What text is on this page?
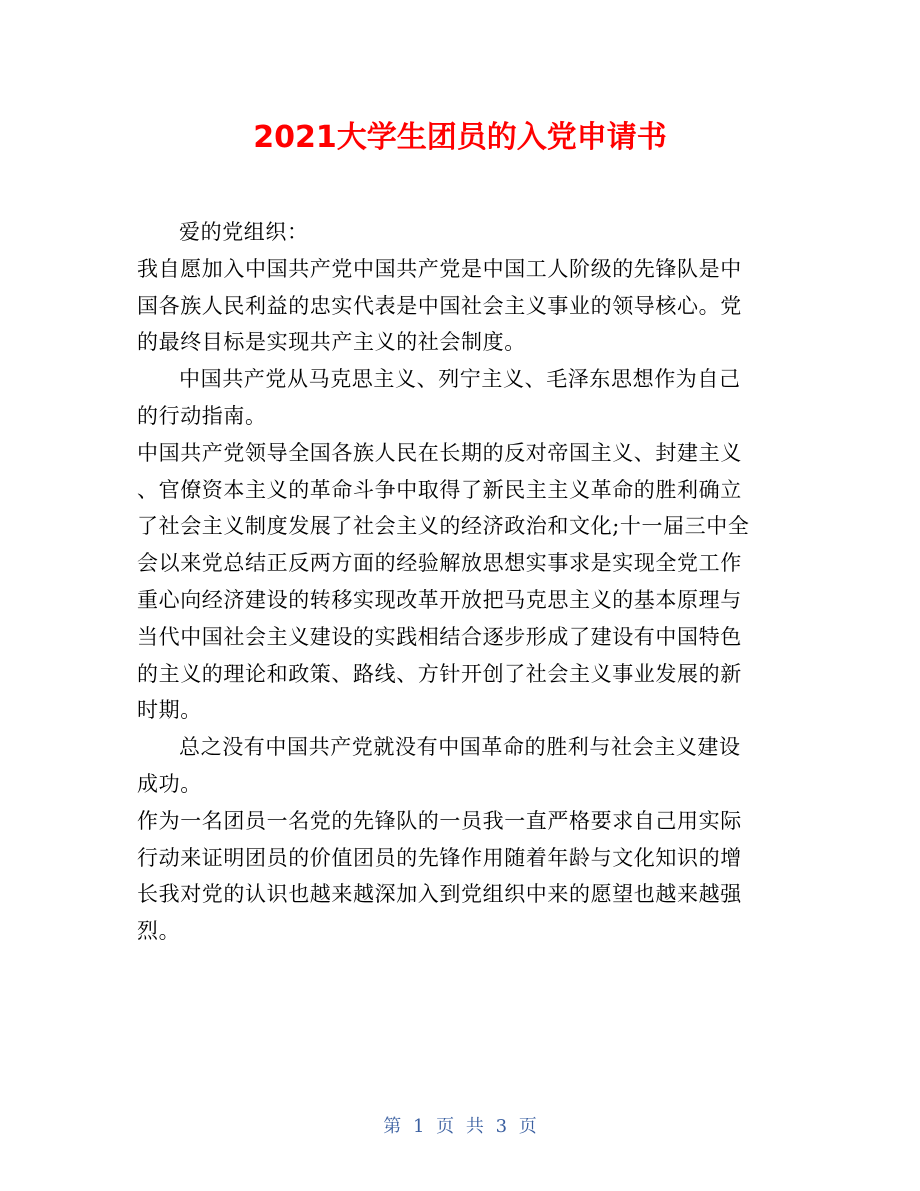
2021大学生团员的入党申请书
爱的党组织：
我自愿加入中国共产党中国共产党是中国工人阶级的先锋队是中
国各族人民利益的忠实代表是中国社会主义事业的领导核心。党
的最终目标是实现共产主义的社会制度。
中国共产党从马克思主义、列宁主义、毛泽东思想作为自己
的行动指南。
中国共产党领导全国各族人民在长期的反对帝国主义、封建主义
、官僚资本主义的革命斗争中取得了新民主主义革命的胜利确立
了社会主义制度发展了社会主义的经济政治和文化;十一届三中全
会以来党总结正反两方面的经验解放思想实事求是实现全党工作
重心向经济建设的转移实现改革开放把马克思主义的基本原理与
当代中国社会主义建设的实践相结合逐步形成了建设有中国特色
的主义的理论和政策、路线、方针开创了社会主义事业发展的新
时期。
总之没有中国共产党就没有中国革命的胜利与社会主义建设
成功。
作为一名团员一名党的先锋队的一员我一直严格要求自己用实际
行动来证明团员的价值团员的先锋作用随着年龄与文化知识的增
长我对党的认识也越来越深加入到党组织中来的愿望也越来越强
烈。
第 1 页 共 3 页
